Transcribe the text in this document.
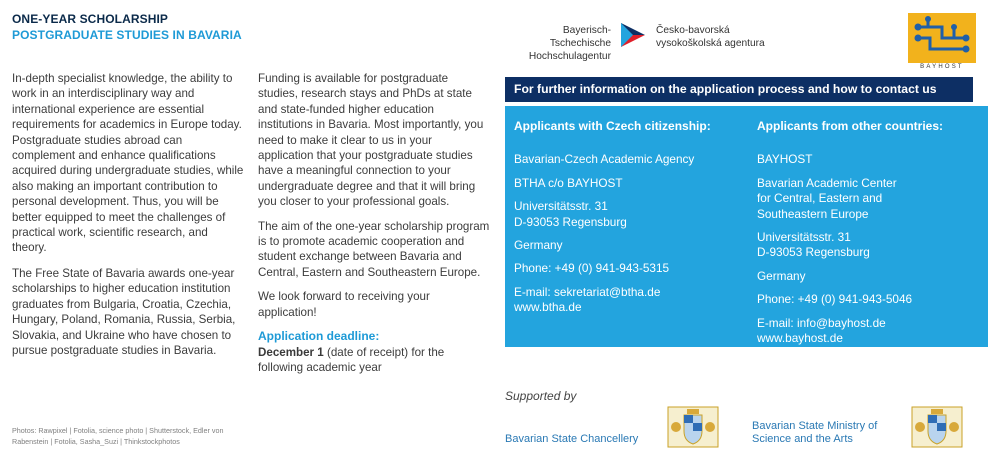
ONE-YEAR SCHOLARSHIP
POSTGRADUATE STUDIES IN BAVARIA

In-depth specialist knowledge, the ability to work in an interdisciplinary way and international experience are essential requirements for academics in Europe today. Postgraduate studies abroad can complement and enhance qualifications acquired during undergraduate studies, while also making an important contribution to personal development. Thus, you will be better equipped to meet the challenges of practical work, scientific research, and theory.

The Free State of Bavaria awards one-year scholarships to higher education institution graduates from Bulgaria, Croatia, Czechia, Hungary, Poland, Romania, Russia, Serbia, Slovakia, and Ukraine who have chosen to pursue postgraduate studies in Bavaria.

Funding is available for postgraduate studies, research stays and PhDs at state and state-funded higher education institutions in Bavaria. Most importantly, you need to make it clear to us in your application that your postgraduate studies have a meaningful connection to your undergraduate degree and that it will bring you closer to your professional goals.

The aim of the one-year scholarship program is to promote academic cooperation and student exchange between Bavaria and Central, Eastern and Southeastern Europe.

We look forward to receiving your application!

Application deadline:
December 1 (date of receipt) for the following academic year
Photos: Rawpixel | Fotolia, science photo | Shutterstock, Edler von Rabenstein | Fotolia, Sasha_Suzi | Thinkstockphotos
Bayerisch-Tschechische
Hochschulagentur
Česko-bavorská
vysokoškolská agentura
BAYHOST
For further information on the application process and how to contact us
Applicants with Czech citizenship:

Bavarian-Czech Academic Agency

BTHA c/o BAYHOST

Universitätsstr. 31
D-93053 Regensburg

Germany

Phone: +49 (0) 941-943-5315

E-mail: sekretariat@btha.de
www.btha.de

Applicants from other countries:

BAYHOST

Bavarian Academic Center
for Central, Eastern and
Southeastern Europe

Universitätsstr. 31
D-93053 Regensburg

Germany

Phone: +49 (0) 941-943-5046

E-mail: info@bayhost.de
www.bayhost.de

Supported by
Bavarian State Chancellery
Bavarian State Ministry of
Science and the Arts
